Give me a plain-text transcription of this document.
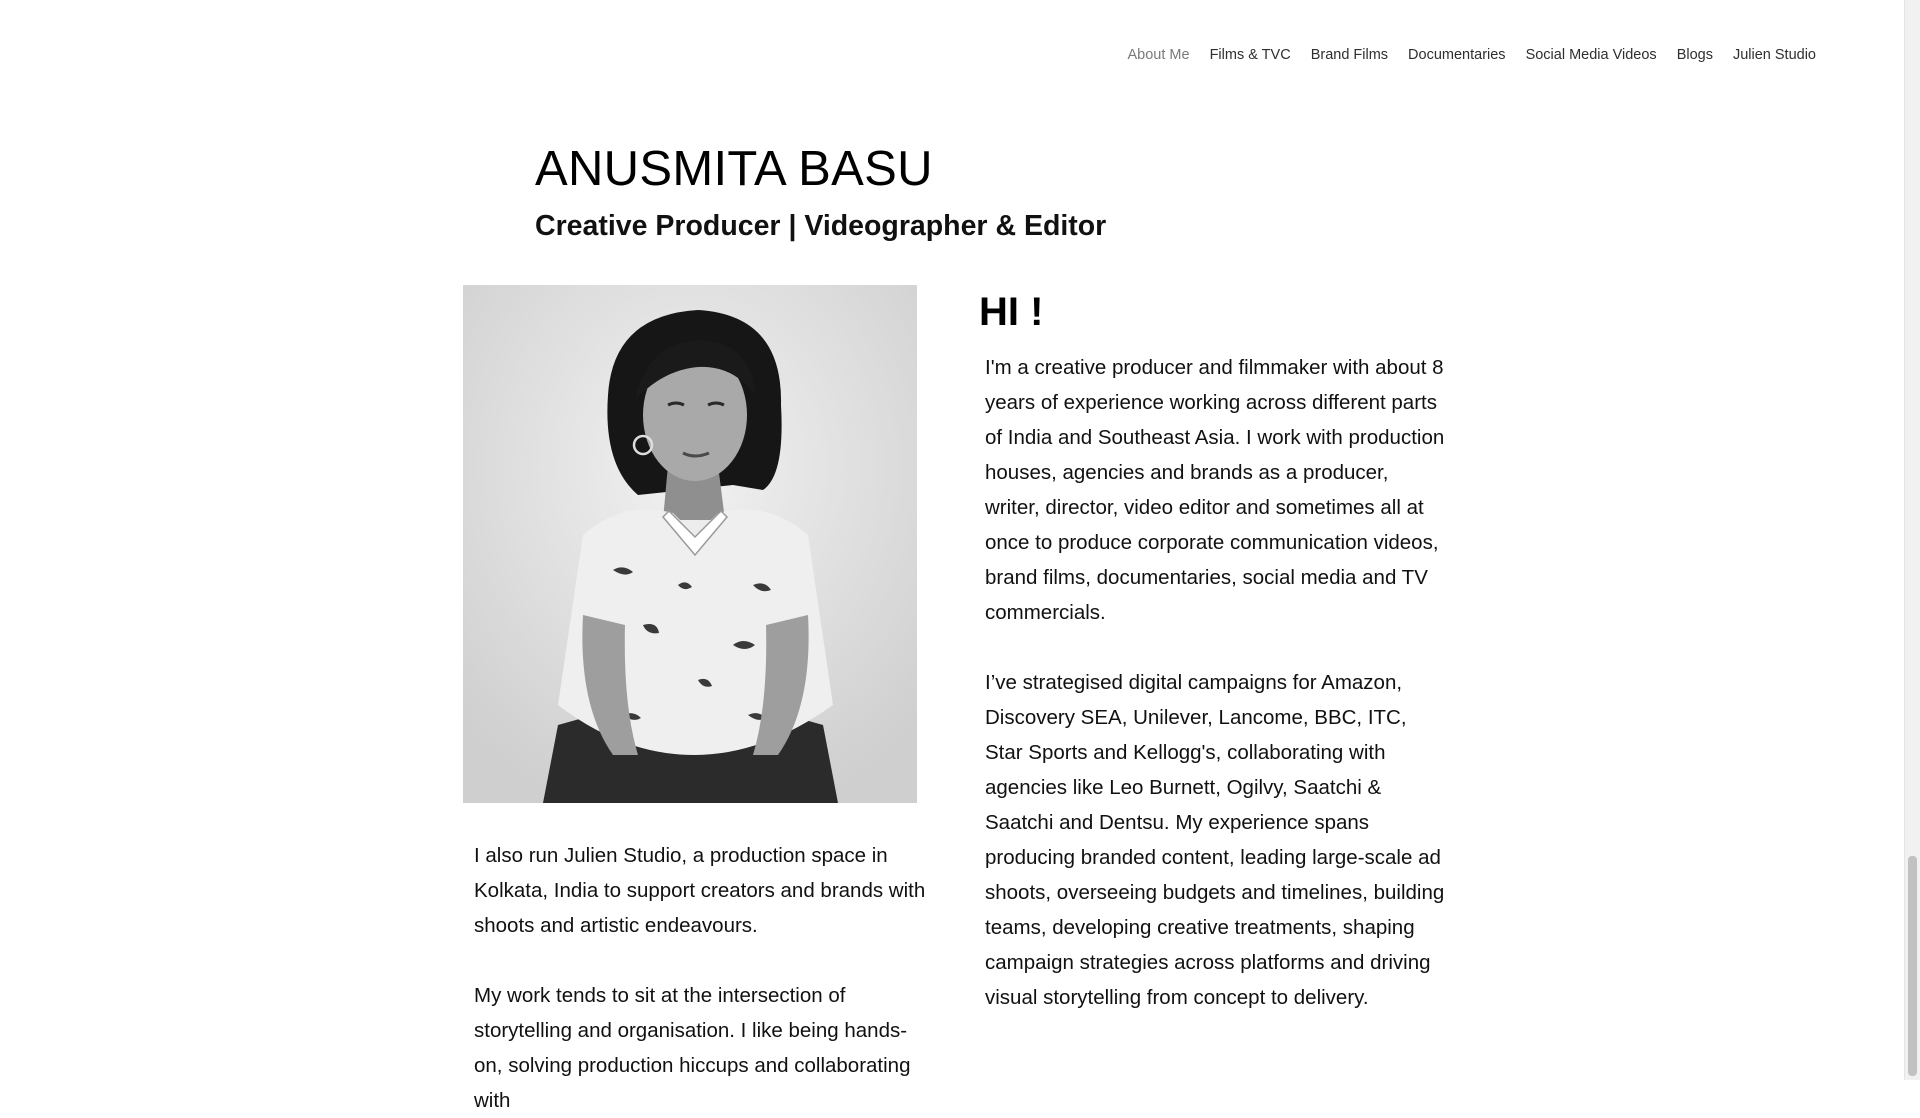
About Me	Films & TVC	Brand Films	Documentaries	Social Media Videos	Blogs	Julien Studio
ANUSMITA BASU
Creative Producer | Videographer & Editor
HI !

I'm a creative producer and filmmaker with about 8 years of experience working across different parts of India and Southeast Asia. I work with production houses, agencies and brands as a producer, writer, director, video editor and sometimes all at once to produce corporate communication videos, brand films, documentaries, social media and TV commercials.

I’ve strategised digital campaigns for Amazon, Discovery SEA, Unilever, Lancome, BBC, ITC, Star Sports and Kellogg's, collaborating with agencies like Leo Burnett, Ogilvy, Saatchi & Saatchi and Dentsu. My experience spans producing branded content, leading large-scale ad shoots, overseeing budgets and timelines, building teams, developing creative treatments, shaping campaign strategies across platforms and driving visual storytelling from concept to delivery.

I also run Julien Studio, a production space in Kolkata, India to support creators and brands with shoots and artistic endeavours.

My work tends to sit at the intersection of storytelling and organisation. I like being hands-on, solving production hiccups and collaborating with
